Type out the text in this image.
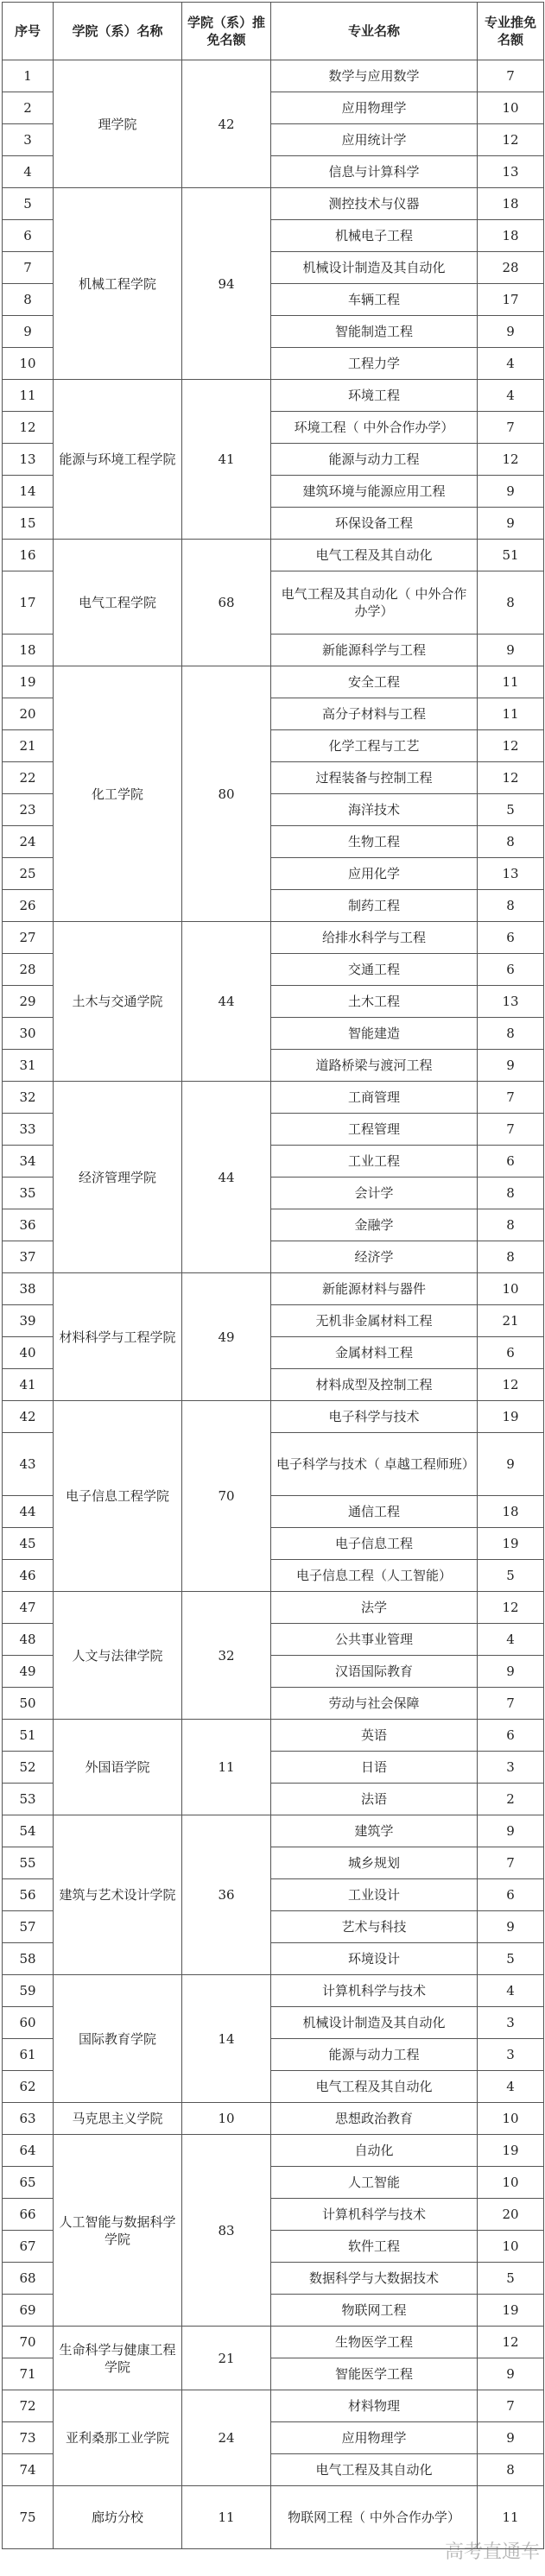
序号	学院（系）名称	学院（系）推免名额	专业名称	专业推免名额
1	理学院	42	数学与应用数学	7
2			应用物理学	10
3			应用统计学	12
4			信息与计算科学	13
5	机械工程学院	94	测控技术与仪器	18
6			机械电子工程	18
7			机械设计制造及其自动化	28
8			车辆工程	17
9			智能制造工程	9
10			工程力学	4
11	能源与环境工程学院	41	环境工程	4
12			环境工程（ 中外合作办学）	7
13			能源与动力工程	12
14			建筑环境与能源应用工程	9
15			环保设备工程	9
16	电气工程学院	68	电气工程及其自动化	51
17			电气工程及其自动化（ 中外合作办学）	8
18			新能源科学与工程	9
19	化工学院	80	安全工程	11
20			高分子材料与工程	11
21			化学工程与工艺	12
22			过程装备与控制工程	12
23			海洋技术	5
24			生物工程	8
25			应用化学	13
26			制药工程	8
27	土木与交通学院	44	给排水科学与工程	6
28			交通工程	6
29			土木工程	13
30			智能建造	8
31			道路桥梁与渡河工程	9
32	经济管理学院	44	工商管理	7
33			工程管理	7
34			工业工程	6
35			会计学	8
36			金融学	8
37			经济学	8
38	材料科学与工程学院	49	新能源材料与器件	10
39			无机非金属材料工程	21
40			金属材料工程	6
41			材料成型及控制工程	12
42	电子信息工程学院	70	电子科学与技术	19
43			电子科学与技术（ 卓越工程师班）	9
44			通信工程	18
45			电子信息工程	19
46			电子信息工程（人工智能）	5
47	人文与法律学院	32	法学	12
48			公共事业管理	4
49			汉语国际教育	9
50			劳动与社会保障	7
51	外国语学院	11	英语	6
52			日语	3
53			法语	2
54	建筑与艺术设计学院	36	建筑学	9
55			城乡规划	7
56			工业设计	6
57			艺术与科技	9
58			环境设计	5
59	国际教育学院	14	计算机科学与技术	4
60			机械设计制造及其自动化	3
61			能源与动力工程	3
62			电气工程及其自动化	4
63	马克思主义学院	10	思想政治教育	10
64	人工智能与数据科学学院	83	自动化	19
65			人工智能	10
66			计算机科学与技术	20
67			软件工程	10
68			数据科学与大数据技术	5
69			物联网工程	19
70	生命科学与健康工程学院	21	生物医学工程	12
71			智能医学工程	9
72	亚利桑那工业学院	24	材料物理	7
73			应用物理学	9
74			电气工程及其自动化	8
75	廊坊分校	11	物联网工程（ 中外合作办学）	11
高考直通车
